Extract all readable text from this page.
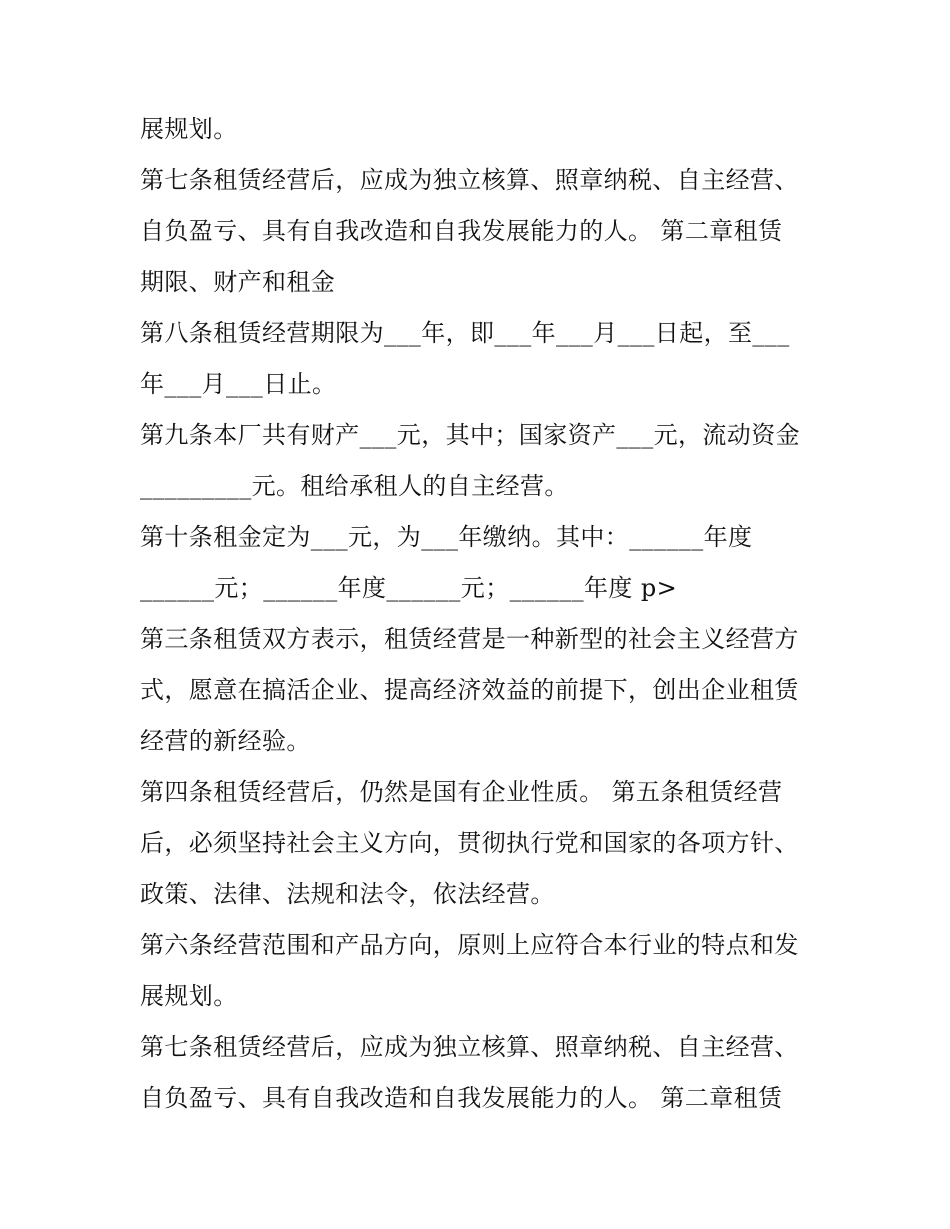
展规划。
第七条租赁经营后，应成为独立核算、照章纳税、自主经营、
自负盈亏、具有自我改造和自我发展能力的人。 第二章租赁
期限、财产和租金
第八条租赁经营期限为___年，即___年___月___日起，至___
年___月___日止。
第九条本厂共有财产___元，其中；国家资产___元，流动资金
_________元。租给承租人的自主经营。
第十条租金定为___元，为___年缴纳。其中：______年度
______元；______年度______元；______年度 p>
第三条租赁双方表示，租赁经营是一种新型的社会主义经营方
式，愿意在搞活企业、提高经济效益的前提下，创出企业租赁
经营的新经验。
第四条租赁经营后，仍然是国有企业性质。 第五条租赁经营
后，必须坚持社会主义方向，贯彻执行党和国家的各项方针、
政策、法律、法规和法令，依法经营。
第六条经营范围和产品方向，原则上应符合本行业的特点和发
展规划。
第七条租赁经营后，应成为独立核算、照章纳税、自主经营、
自负盈亏、具有自我改造和自我发展能力的人。 第二章租赁
